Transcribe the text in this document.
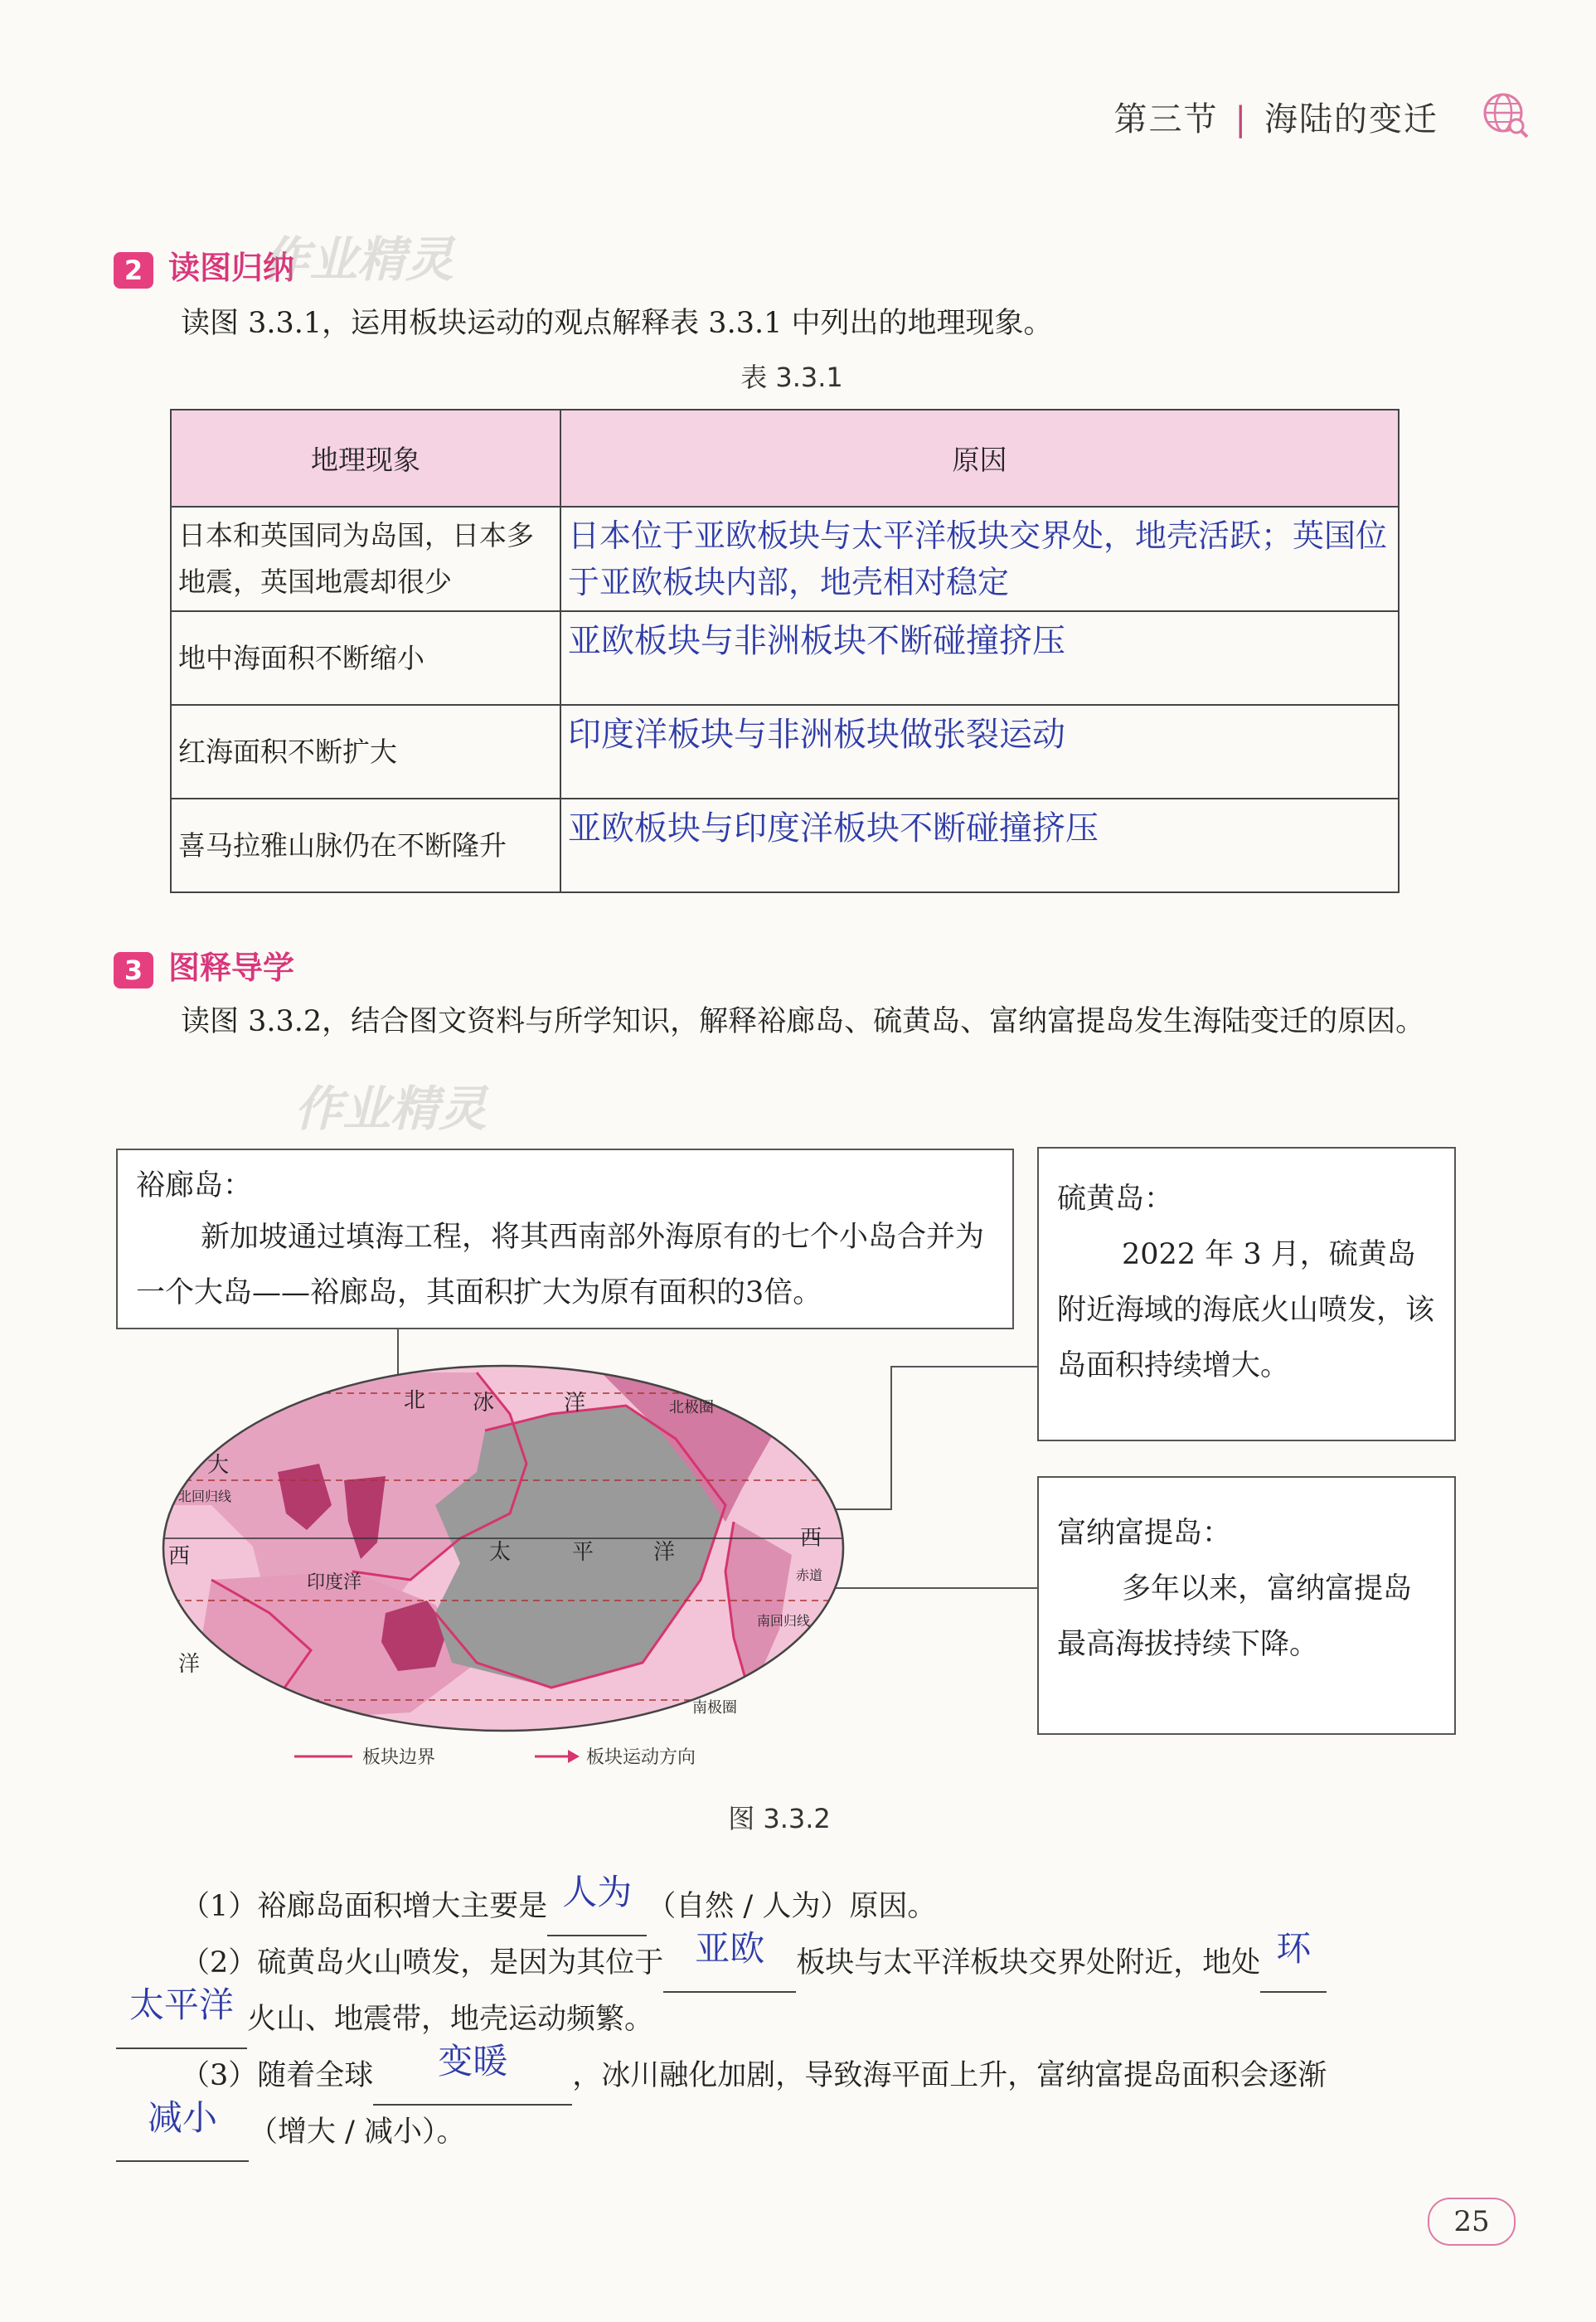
第三节 | 海陆的变迁
2 读图归纳
作业精灵
读图 3.3.1，运用板块运动的观点解释表 3.3.1 中列出的地理现象。
表 3.3.1
地理现象	原因
日本和英国同为岛国，日本多地震，英国地震却很少	日本位于亚欧板块与太平洋板块交界处，地壳活跃；英国位于亚欧板块内部，地壳相对稳定
地中海面积不断缩小	亚欧板块与非洲板块不断碰撞挤压
红海面积不断扩大	印度洋板块与非洲板块做张裂运动
喜马拉雅山脉仍在不断隆升	亚欧板块与印度洋板块不断碰撞挤压
3 图释导学
读图 3.3.2，结合图文资料与所学知识，解释裕廊岛、硫黄岛、富纳富提岛发生海陆变迁的原因。
作业精灵
裕廊岛：
新加坡通过填海工程，将其西南部外海原有的七个小岛合并为一个大岛——裕廊岛，其面积扩大为原有面积的3倍。
硫黄岛：
2022 年 3 月，硫黄岛附近海域的海底火山喷发，该岛面积持续增大。
富纳富提岛：
多年以来，富纳富提岛最高海拔持续下降。
北 冰	洋	北极圈
大
北回归线
西
印度洋
太	平	洋
赤道
西
南回归线
洋
南极圈
板块边界	板块运动方向
图 3.3.2
（1）裕廊岛面积增大主要是 人为 （自然 / 人为）原因。
（2）硫黄岛火山喷发，是因为其位于 亚欧 板块与太平洋板块交界处附近，地处 环
太平洋 火山、地震带，地壳运动频繁。
（3）随着全球 变暖 ，冰川融化加剧，导致海平面上升，富纳富提岛面积会逐渐
减小 （增大 / 减小）。
25
